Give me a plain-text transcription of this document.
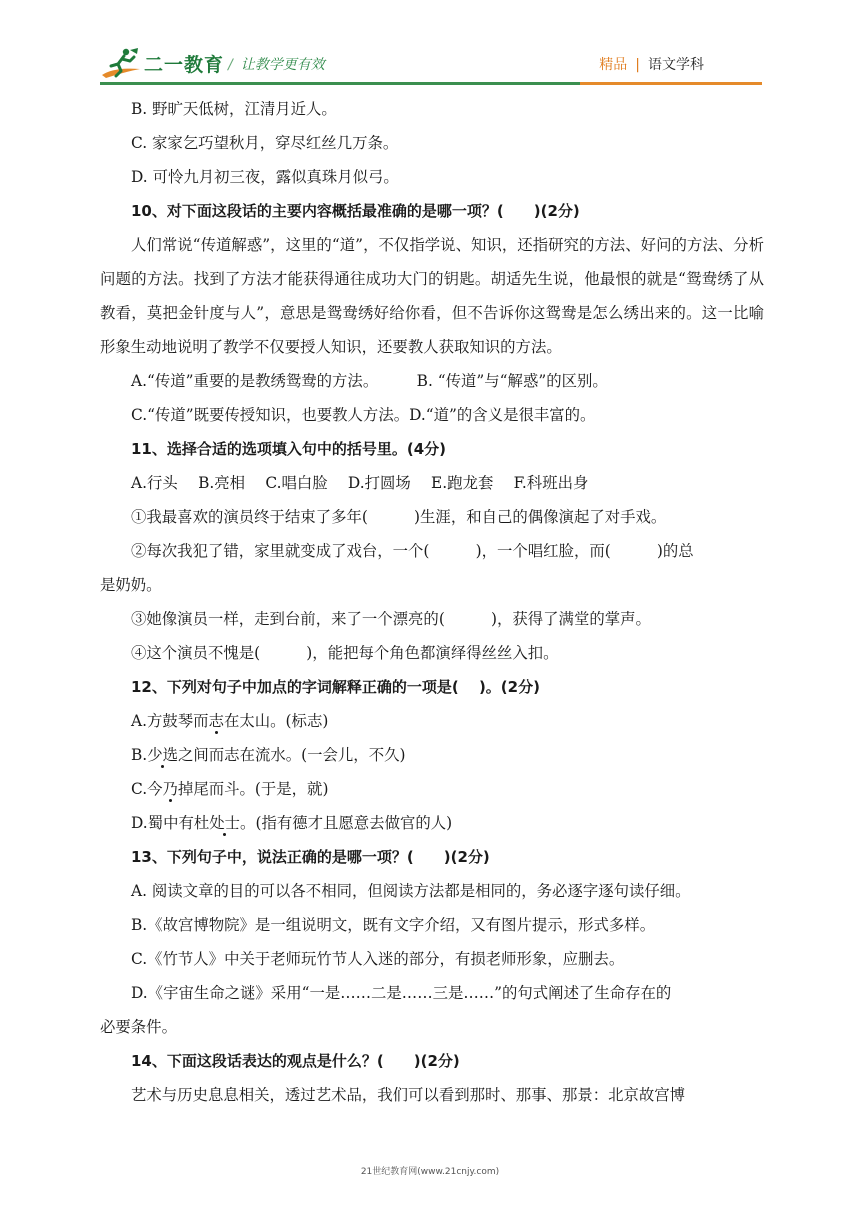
二一教育 / 让教学更有效	精品 | 语文学科
B. 野旷天低树，江清月近人。
C. 家家乞巧望秋月，穿尽红丝几万条。
D. 可怜九月初三夜，露似真珠月似弓。
10、对下面这段话的主要内容概括最准确的是哪一项？(　　)(2分)
人们常说“传道解惑”，这里的“道”，不仅指学说、知识，还指研究的方法、好问的方法、分析问题的方法。找到了方法才能获得通往成功大门的钥匙。胡适先生说，他最恨的就是“鸳鸯绣了从教看，莫把金针度与人”，意思是鸳鸯绣好给你看，但不告诉你这鸳鸯是怎么绣出来的。这一比喻形象生动地说明了教学不仅要授人知识，还要教人获取知识的方法。
A.“传道”重要的是教绣鸳鸯的方法。　　　B. “传道”与“解惑”的区别。
C.“传道”既要传授知识，也要教人方法。D.“道”的含义是很丰富的。
11、选择合适的选项填入句中的括号里。(4分)
A.行头　 B.亮相　 C.唱白脸　 D.打圆场　 E.跑龙套　 F.科班出身
①我最喜欢的演员终于结束了多年(　　　)生涯，和自己的偶像演起了对手戏。
②每次我犯了错，家里就变成了戏台，一个(　　　)，一个唱红脸，而(　　　)的总
是奶奶。
③她像演员一样，走到台前，来了一个漂亮的(　　　)，获得了满堂的掌声。
④这个演员不愧是(　　　)，能把每个角色都演绎得丝丝入扣。
12、下列对句子中加点的字词解释正确的一项是(　 )。(2分)
A.方鼓琴而志在太山。(标志)
B.少选之间而志在流水。(一会儿，不久)
C.今乃掉尾而斗。(于是，就)
D.蜀中有杜处士。(指有德才且愿意去做官的人)
13、下列句子中，说法正确的是哪一项？(　　)(2分)
A. 阅读文章的目的可以各不相同，但阅读方法都是相同的，务必逐字逐句读仔细。
B.《故宫博物院》是一组说明文，既有文字介绍，又有图片提示，形式多样。
C.《竹节人》中关于老师玩竹节人入迷的部分，有损老师形象，应删去。
D.《宇宙生命之谜》采用“一是……二是……三是……”的句式阐述了生命存在的
必要条件。
14、下面这段话表达的观点是什么？(　　)(2分)
艺术与历史息息相关，透过艺术品，我们可以看到那时、那事、那景：北京故宫博
21世纪教育网(www.21cnjy.com)
